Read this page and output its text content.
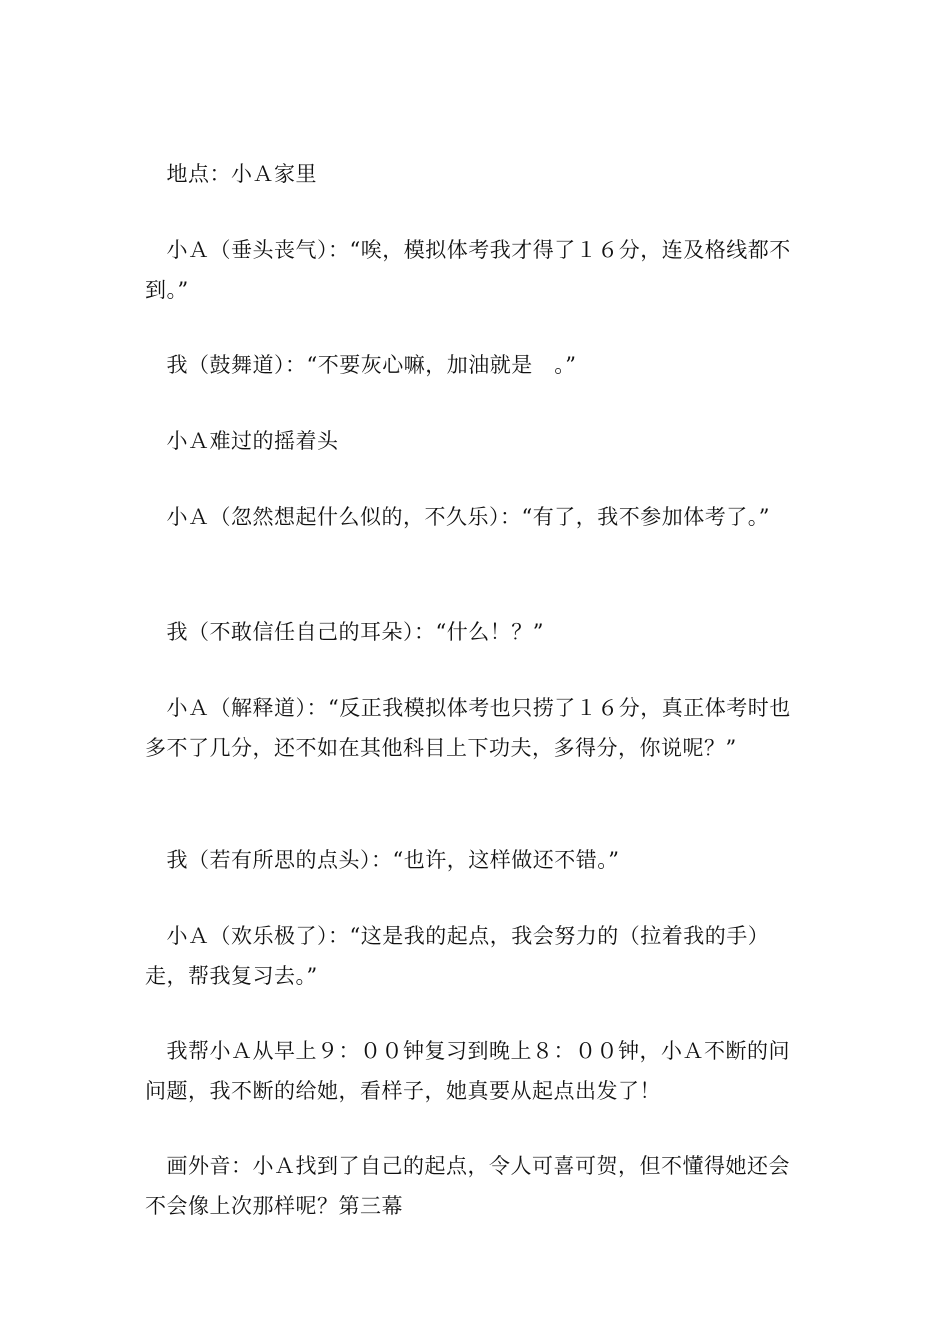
　地点：小Ａ家里

　小Ａ（垂头丧气）：“唉，模拟体考我才得了１６分，连及格线都不到。”

　我（鼓舞道）：“不要灰心嘛，加油就是　。”

　小Ａ难过的摇着头

　小Ａ（忽然想起什么似的，不久乐）：“有了，我不参加体考了。”

　我（不敢信任自己的耳朵）：“什么！？”

　小Ａ（解释道）：“反正我模拟体考也只捞了１６分，真正体考时也多不了几分，还不如在其他科目上下功夫，多得分，你说呢？”

　我（若有所思的点头）：“也许，这样做还不错。”

　小Ａ（欢乐极了）：“这是我的起点，我会努力的（拉着我的手）走，帮我复习去。”

　我帮小Ａ从早上９：００钟复习到晚上８：００钟，小Ａ不断的问问题，我不断的给她，看样子，她真要从起点出发了！

　画外音：小Ａ找到了自己的起点，令人可喜可贺，但不懂得她还会不会像上次那样呢？第三幕
